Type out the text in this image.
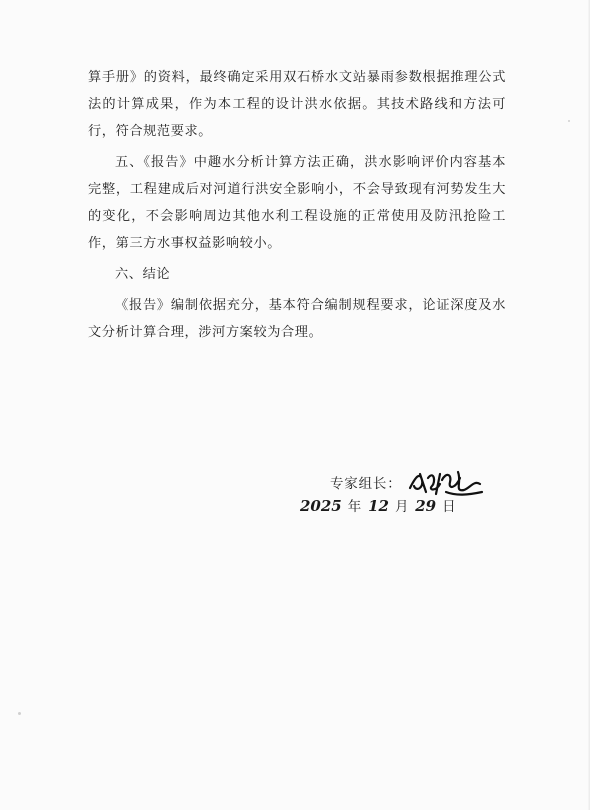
算手册》的资料，最终确定采用双石桥水文站暴雨参数根据推理公式法的计算成果，作为本工程的设计洪水依据。其技术路线和方法可行，符合规范要求。

五、《报告》中趣水分析计算方法正确，洪水影响评价内容基本完整，工程建成后对河道行洪安全影响小，不会导致现有河势发生大的变化，不会影响周边其他水利工程设施的正常使用及防汛抢险工作，第三方水事权益影响较小。

六、结论

《报告》编制依据充分，基本符合编制规程要求，论证深度及水文分析计算合理，涉河方案较为合理。

专家组长：
2025 年 12 月 29 日
